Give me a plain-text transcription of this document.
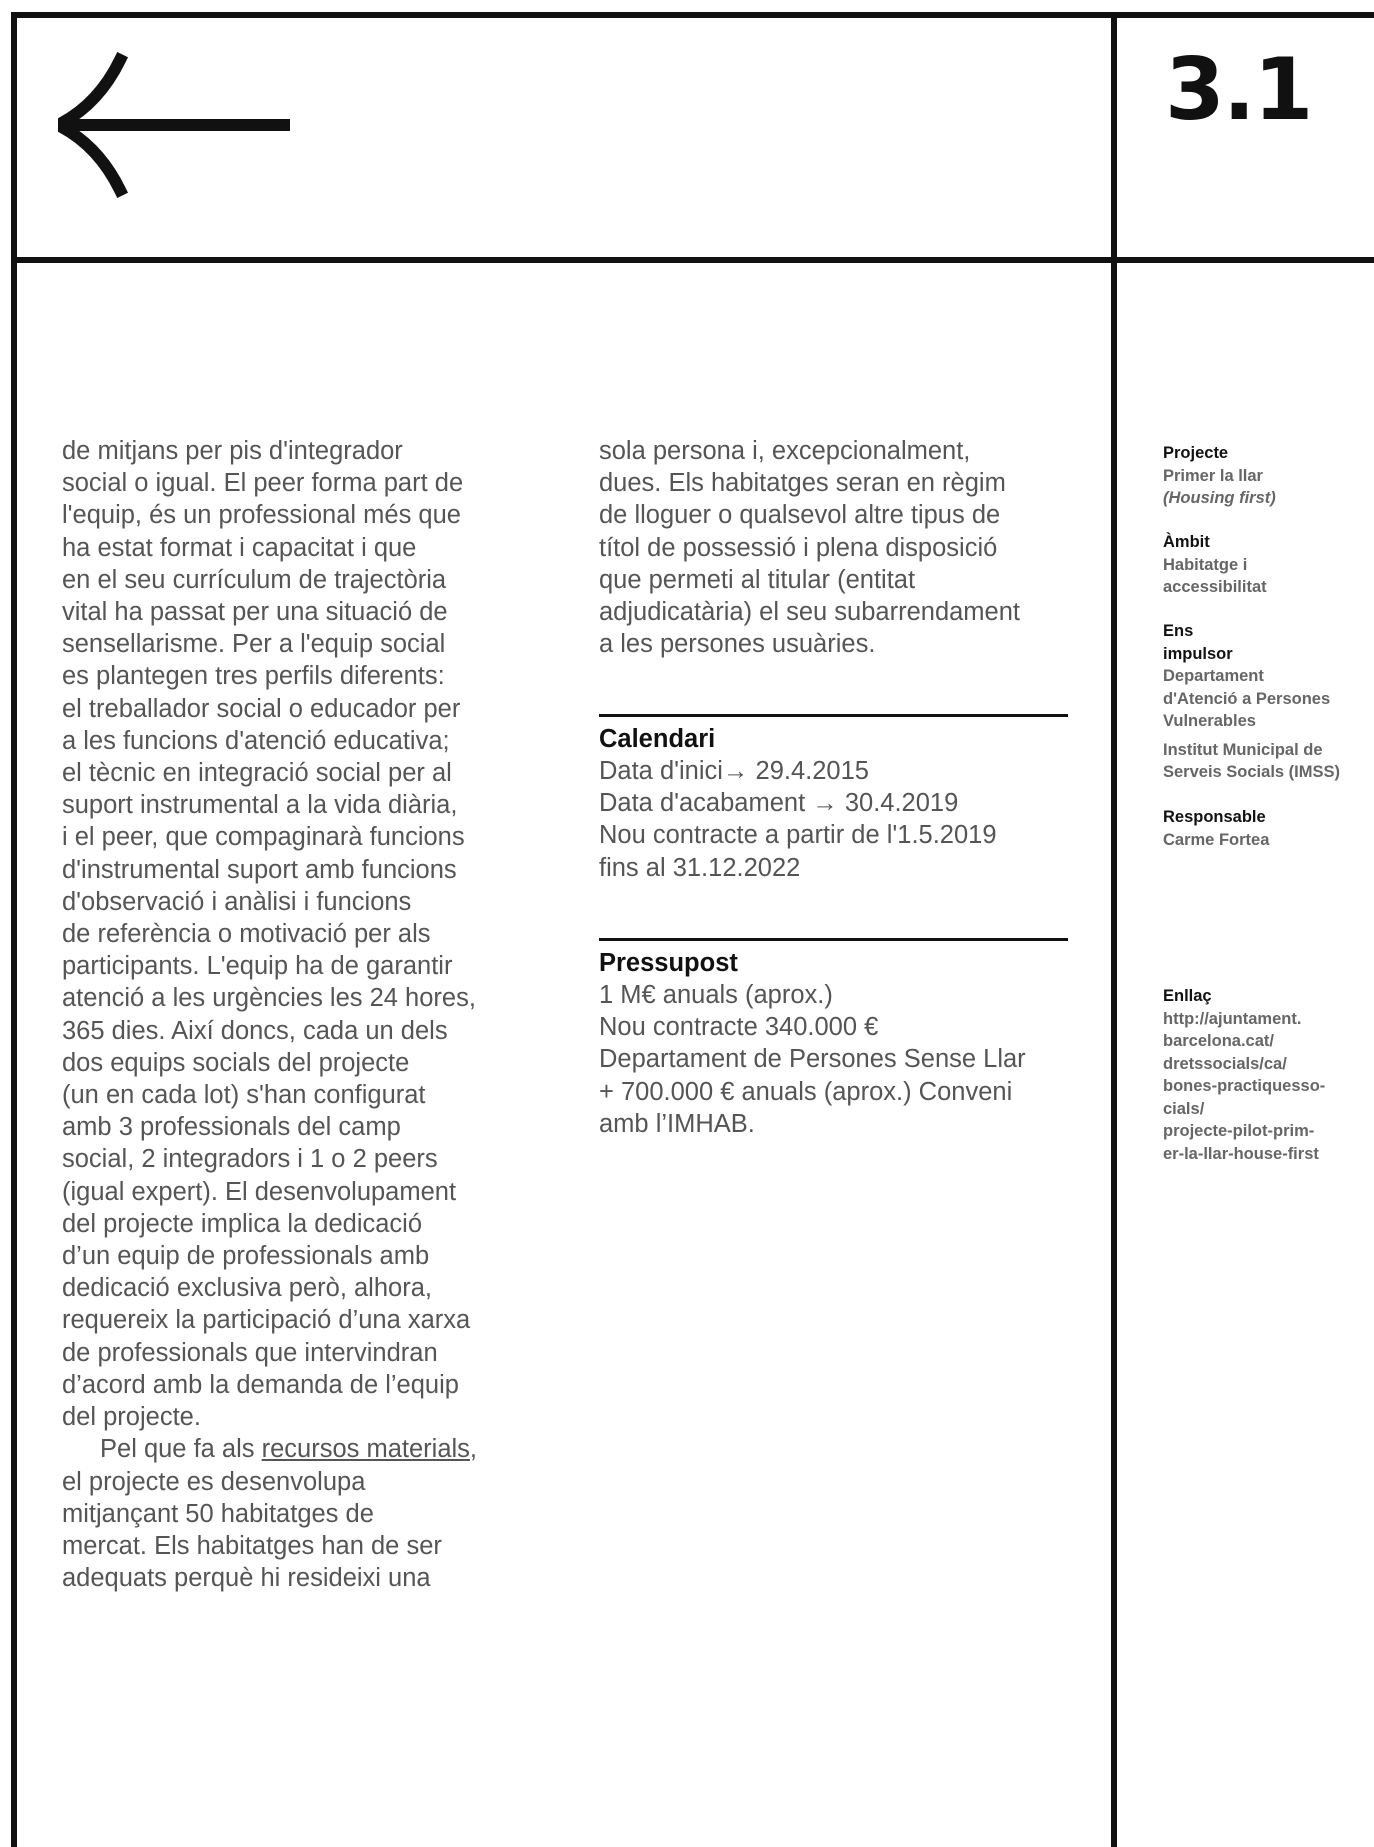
3.1
de mitjans per pis d'integrador
social o igual. El peer forma part de
l'equip, és un professional més que
ha estat format i capacitat i que
en el seu currículum de trajectòria
vital ha passat per una situació de
sensellarisme. Per a l'equip social
es plantegen tres perfils diferents:
el treballador social o educador per
a les funcions d'atenció educativa;
el tècnic en integració social per al
suport instrumental a la vida diària,
i el peer, que compaginarà funcions
d'instrumental suport amb funcions
d'observació i anàlisi i funcions
de referència o motivació per als
participants. L'equip ha de garantir
atenció a les urgències les 24 hores,
365 dies. Així doncs, cada un dels
dos equips socials del projecte
(un en cada lot) s'han configurat
amb 3 professionals del camp
social, 2 integradors i 1 o 2 peers
(igual expert). El desenvolupament
del projecte implica la dedicació
d’un equip de professionals amb
dedicació exclusiva però, alhora,
requereix la participació d’una xarxa
de professionals que intervindran
d’acord amb la demanda de l’equip
del projecte.
Pel que fa als recursos materials,
el projecte es desenvolupa
mitjançant 50 habitatges de
mercat. Els habitatges han de ser
adequats perquè hi resideixi una
sola persona i, excepcionalment,
dues. Els habitatges seran en règim
de lloguer o qualsevol altre tipus de
títol de possessió i plena disposició
que permeti al titular (entitat
adjudicatària) el seu subarrendament
a les persones usuàries.
Calendari
Data d'inici→ 29.4.2015
Data d'acabament → 30.4.2019
Nou contracte a partir de l'1.5.2019
fins al 31.12.2022
Pressupost
1 M€ anuals (aprox.)
Nou contracte 340.000 €
Departament de Persones Sense Llar
+ 700.000 € anuals (aprox.) Conveni
amb l’IMHAB.
Projecte
Primer la llar
(Housing first)
Àmbit
Habitatge i
accessibilitat
Ens
impulsor
Departament
d'Atenció a Persones
Vulnerables
Institut Municipal de
Serveis Socials (IMSS)
Responsable
Carme Fortea
Enllaç
http://ajuntament.
barcelona.cat/
dretssocials/ca/
bones-practiquesso-
cials/
projecte-pilot-prim-
er-la-llar-house-first
